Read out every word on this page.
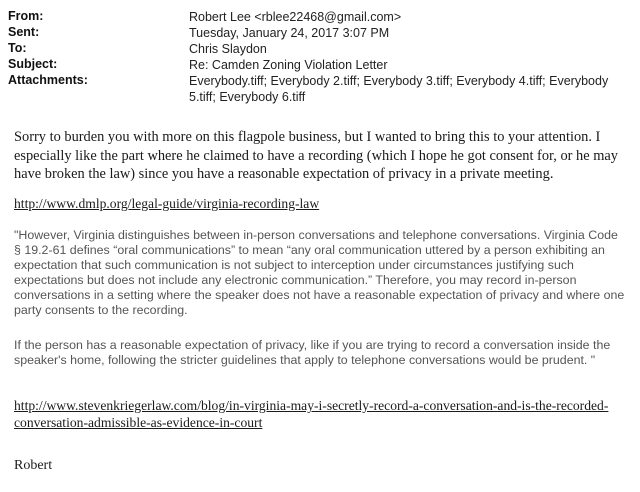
From:	Robert Lee <rblee22468@gmail.com>
Sent:	Tuesday, January 24, 2017 3:07 PM
To:	Chris Slaydon
Subject:	Re: Camden Zoning Violation Letter
Attachments:	Everybody.tiff; Everybody 2.tiff; Everybody 3.tiff; Everybody 4.tiff; Everybody 5.tiff; Everybody 6.tiff
Sorry to burden you with more on this flagpole business, but I wanted to bring this to your attention. I especially like the part where he claimed to have a recording (which I hope he got consent for, or he may have broken the law) since you have a reasonable expectation of privacy in a private meeting.
http://www.dmlp.org/legal-guide/virginia-recording-law
"However, Virginia distinguishes between in-person conversations and telephone conversations. Virginia Code § 19.2-61 defines “oral communications” to mean “any oral communication uttered by a person exhibiting an expectation that such communication is not subject to interception under circumstances justifying such expectations but does not include any electronic communication.” Therefore, you may record in-person conversations in a setting where the speaker does not have a reasonable expectation of privacy and where one party consents to the recording.
If the person has a reasonable expectation of privacy, like if you are trying to record a conversation inside the speaker's home, following the stricter guidelines that apply to telephone conversations would be prudent. "
http://www.stevenkriegerlaw.com/blog/in-virginia-may-i-secretly-record-a-conversation-and-is-the-recorded-conversation-admissible-as-evidence-in-court
Robert
